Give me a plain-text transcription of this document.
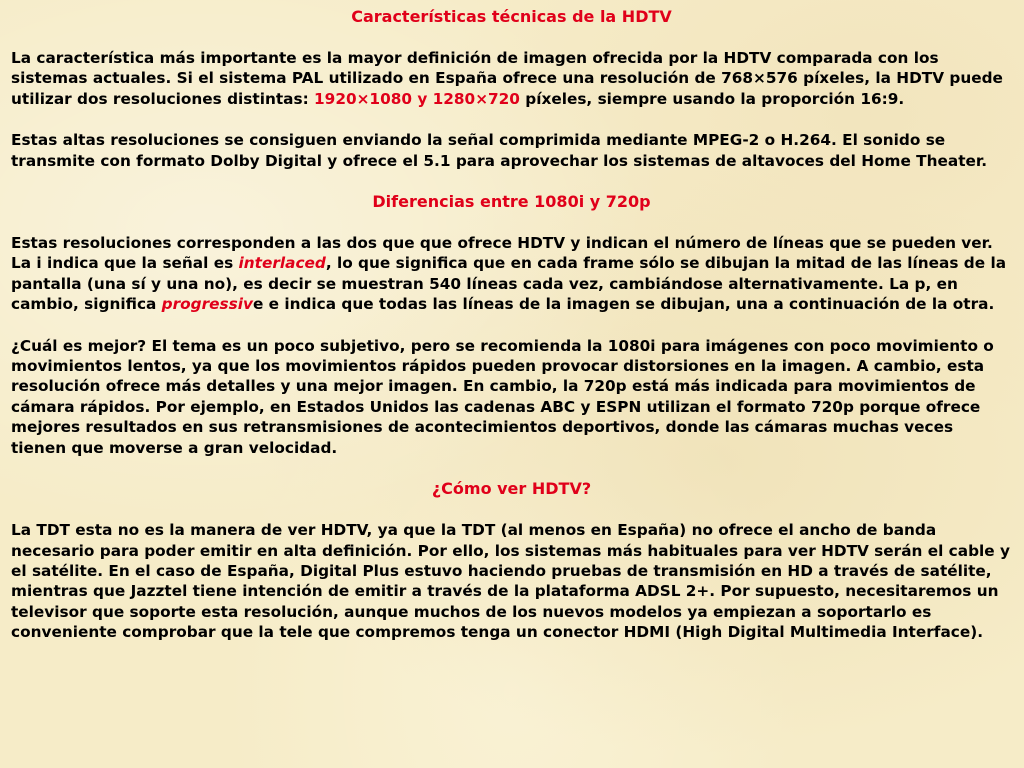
Características técnicas de la HDTV

La característica más importante es la mayor definición de imagen ofrecida por la HDTV comparada con los sistemas actuales. Si el sistema PAL utilizado en España ofrece una resolución de 768×576 píxeles, la HDTV puede utilizar dos resoluciones distintas: 1920×1080 y 1280×720 píxeles, siempre usando la proporción 16:9.

Estas altas resoluciones se consiguen enviando la señal comprimida mediante MPEG-2 o H.264. El sonido se transmite con formato Dolby Digital y ofrece el 5.1 para aprovechar los sistemas de altavoces del Home Theater.

Diferencias entre 1080i y 720p

Estas resoluciones corresponden a las dos que que ofrece HDTV y indican el número de líneas que se pueden ver. La i indica que la señal es interlaced, lo que significa que en cada frame sólo se dibujan la mitad de las líneas de la pantalla (una sí y una no), es decir se muestran 540 líneas cada vez, cambiándose alternativamente. La p, en cambio, significa progressive e indica que todas las líneas de la imagen se dibujan, una a continuación de la otra.

¿Cuál es mejor? El tema es un poco subjetivo, pero se recomienda la 1080i para imágenes con poco movimiento o movimientos lentos, ya que los movimientos rápidos pueden provocar distorsiones en la imagen. A cambio, esta resolución ofrece más detalles y una mejor imagen. En cambio, la 720p está más indicada para movimientos de cámara rápidos. Por ejemplo, en Estados Unidos las cadenas ABC y ESPN utilizan el formato 720p porque ofrece mejores resultados en sus retransmisiones de acontecimientos deportivos, donde las cámaras muchas veces tienen que moverse a gran velocidad.

¿Cómo ver HDTV?

La TDT esta no es la manera de ver HDTV, ya que la TDT (al menos en España) no ofrece el ancho de banda necesario para poder emitir en alta definición. Por ello, los sistemas más habituales para ver HDTV serán el cable y el satélite. En el caso de España, Digital Plus estuvo haciendo pruebas de transmisión en HD a través de satélite, mientras que Jazztel tiene intención de emitir a través de la plataforma ADSL 2+. Por supuesto, necesitaremos un televisor que soporte esta resolución, aunque muchos de los nuevos modelos ya empiezan a soportarlo es conveniente comprobar que la tele que compremos tenga un conector HDMI (High Digital Multimedia Interface).
